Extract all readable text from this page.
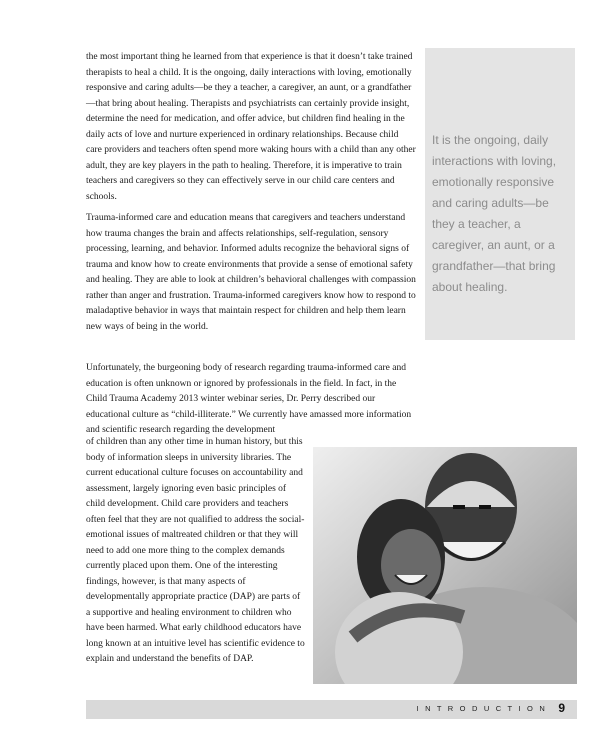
the most important thing he learned from that experience is that it doesn’t take trained therapists to heal a child. It is the ongoing, daily interactions with loving, emotionally responsive and caring adults—be they a teacher, a caregiver, an aunt, or a grandfather—that bring about healing. Therapists and psychiatrists can certainly provide insight, determine the need for medication, and offer advice, but children find healing in the daily acts of love and nurture experienced in ordinary relationships. Because child care providers and teachers often spend more waking hours with a child than any other adult, they are key players in the path to healing. Therefore, it is imperative to train teachers and caregivers so they can effectively serve in our child care centers and schools.

Trauma-informed care and education means that caregivers and teachers understand how trauma changes the brain and affects relationships, self-regulation, sensory processing, learning, and behavior. Informed adults recognize the behavioral signs of trauma and know how to create environments that provide a sense of emotional safety and healing. They are able to look at children’s behavioral challenges with compassion rather than anger and frustration. Trauma-informed caregivers know how to respond to maladaptive behavior in ways that maintain respect for children and help them learn new ways of being in the world.

Unfortunately, the burgeoning body of research regarding trauma-informed care and education is often unknown or ignored by professionals in the field. In fact, in the Child Trauma Academy 2013 winter webinar series, Dr. Perry described our educational culture as “child-illiterate.” We currently have amassed more information and scientific research regarding the development

of children than any other time in human history, but this body of information sleeps in university libraries. The current educational culture focuses on accountability and assessment, largely ignoring even basic principles of child development. Child care providers and teachers often feel that they are not qualified to address the social-emotional issues of maltreated children or that they will need to add one more thing to the complex demands currently placed upon them. One of the interesting findings, however, is that many aspects of developmentally appropriate practice (DAP) are parts of a supportive and healing environment to children who have been harmed. What early childhood educators have long known at an intuitive level has scientific evidence to explain and understand the benefits of DAP.

It is the ongoing, daily interactions with loving, emotionally responsive and caring adults—be they a teacher, a caregiver, an aunt, or a grandfather—that bring about healing.

I N T R O D U C T I O N 9
